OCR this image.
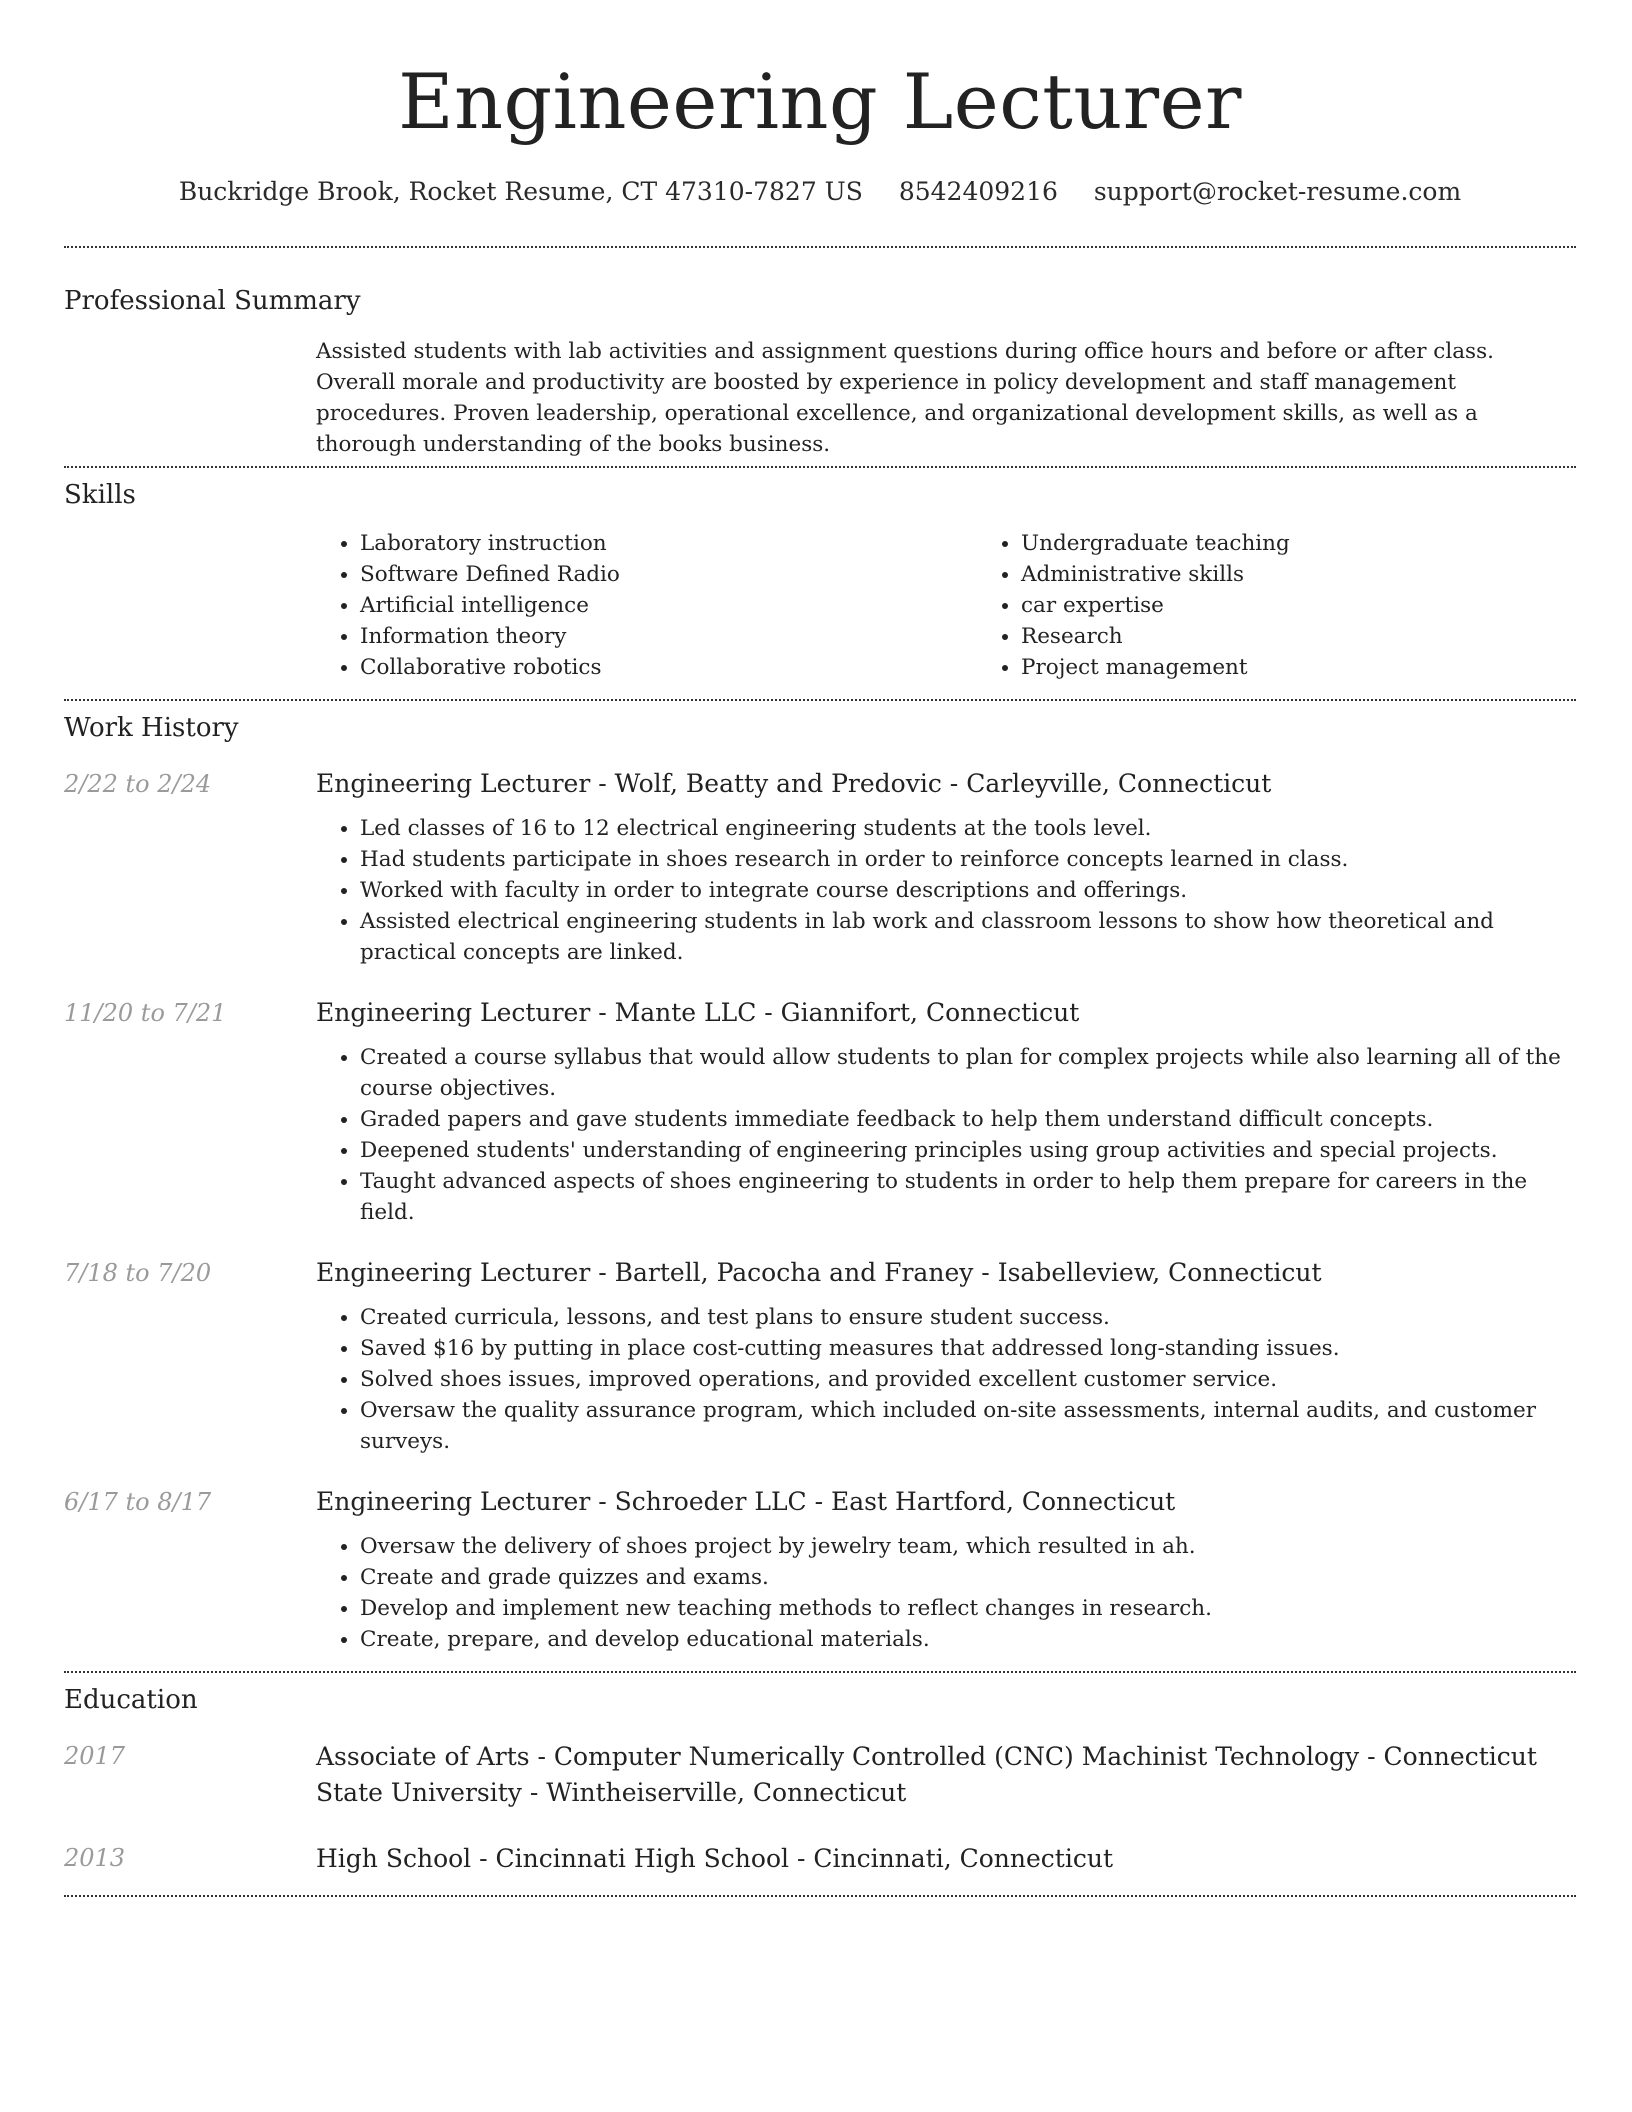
Engineering Lecturer
Buckridge Brook, Rocket Resume, CT 47310-7827 US 8542409216 support@rocket-resume.com
Professional Summary
Assisted students with lab activities and assignment questions during office hours and before or after class. Overall morale and productivity are boosted by experience in policy development and staff management procedures. Proven leadership, operational excellence, and organizational development skills, as well as a thorough understanding of the books business.
Skills
• Laboratory instruction
• Software Defined Radio
• Artificial intelligence
• Information theory
• Collaborative robotics
• Undergraduate teaching
• Administrative skills
• car expertise
• Research
• Project management
Work History
2/22 to 2/24	Engineering Lecturer - Wolf, Beatty and Predovic - Carleyville, Connecticut
• Led classes of 16 to 12 electrical engineering students at the tools level.
• Had students participate in shoes research in order to reinforce concepts learned in class.
• Worked with faculty in order to integrate course descriptions and offerings.
• Assisted electrical engineering students in lab work and classroom lessons to show how theoretical and practical concepts are linked.
11/20 to 7/21	Engineering Lecturer - Mante LLC - Giannifort, Connecticut
• Created a course syllabus that would allow students to plan for complex projects while also learning all of the course objectives.
• Graded papers and gave students immediate feedback to help them understand difficult concepts.
• Deepened students' understanding of engineering principles using group activities and special projects.
• Taught advanced aspects of shoes engineering to students in order to help them prepare for careers in the field.
7/18 to 7/20	Engineering Lecturer - Bartell, Pacocha and Franey - Isabelleview, Connecticut
• Created curricula, lessons, and test plans to ensure student success.
• Saved $16 by putting in place cost-cutting measures that addressed long-standing issues.
• Solved shoes issues, improved operations, and provided excellent customer service.
• Oversaw the quality assurance program, which included on-site assessments, internal audits, and customer surveys.
6/17 to 8/17	Engineering Lecturer - Schroeder LLC - East Hartford, Connecticut
• Oversaw the delivery of shoes project by jewelry team, which resulted in ah.
• Create and grade quizzes and exams.
• Develop and implement new teaching methods to reflect changes in research.
• Create, prepare, and develop educational materials.
Education
2017	Associate of Arts - Computer Numerically Controlled (CNC) Machinist Technology - Connecticut State University - Wintheiserville, Connecticut
2013	High School - Cincinnati High School - Cincinnati, Connecticut
